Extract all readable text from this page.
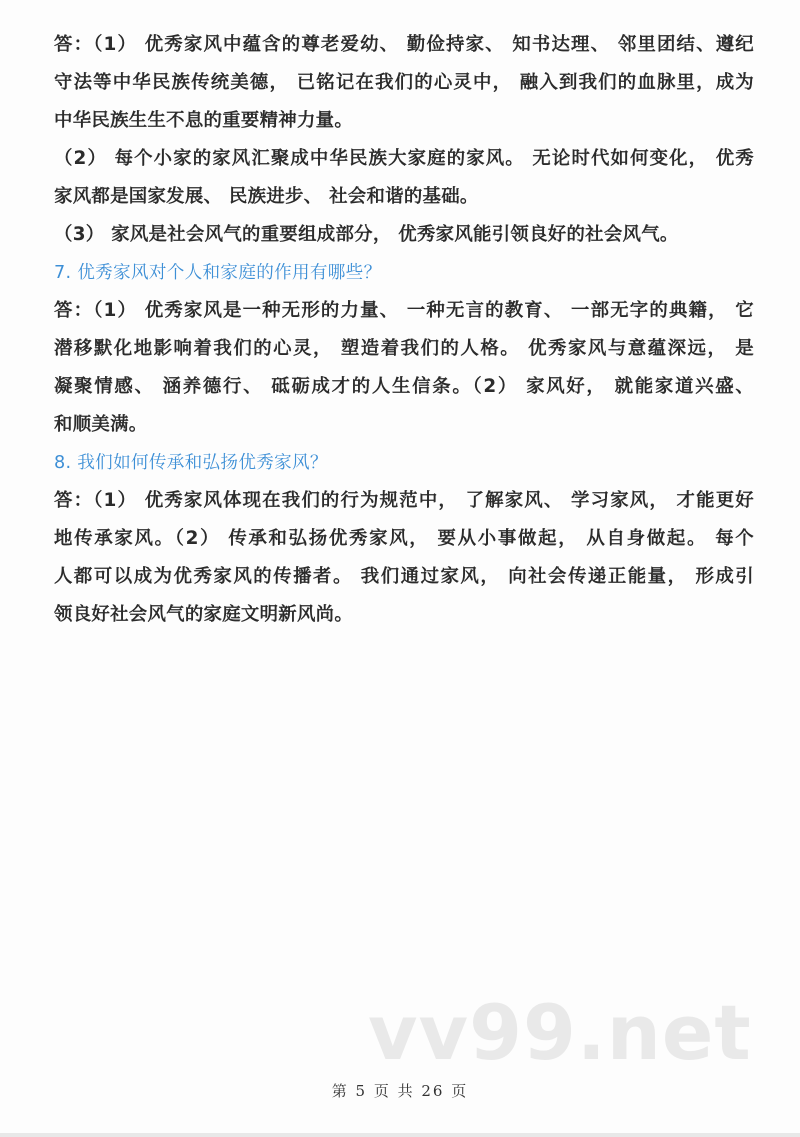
答：（1） 优秀家风中蕴含的尊老爱幼、 勤俭持家、 知书达理、 邻里团结、遵纪
守法等中华民族传统美德， 已铭记在我们的心灵中， 融入到我们的血脉里，成为
中华民族生生不息的重要精神力量。
（2） 每个小家的家风汇聚成中华民族大家庭的家风。 无论时代如何变化， 优秀
家风都是国家发展、 民族进步、 社会和谐的基础。
（3） 家风是社会风气的重要组成部分， 优秀家风能引领良好的社会风气。
7. 优秀家风对个人和家庭的作用有哪些？
答：（1） 优秀家风是一种无形的力量、 一种无言的教育、 一部无字的典籍， 它
潜移默化地影响着我们的心灵， 塑造着我们的人格。 优秀家风与意蕴深远， 是
凝聚情感、 涵养德行、 砥砺成才的人生信条。（2） 家风好， 就能家道兴盛、
和顺美满。
8. 我们如何传承和弘扬优秀家风？
答：（1） 优秀家风体现在我们的行为规范中， 了解家风、 学习家风， 才能更好
地传承家风。（2） 传承和弘扬优秀家风， 要从小事做起， 从自身做起。 每个
人都可以成为优秀家风的传播者。 我们通过家风， 向社会传递正能量， 形成引
领良好社会风气的家庭文明新风尚。
vv99.net
第 5 页 共 26 页
